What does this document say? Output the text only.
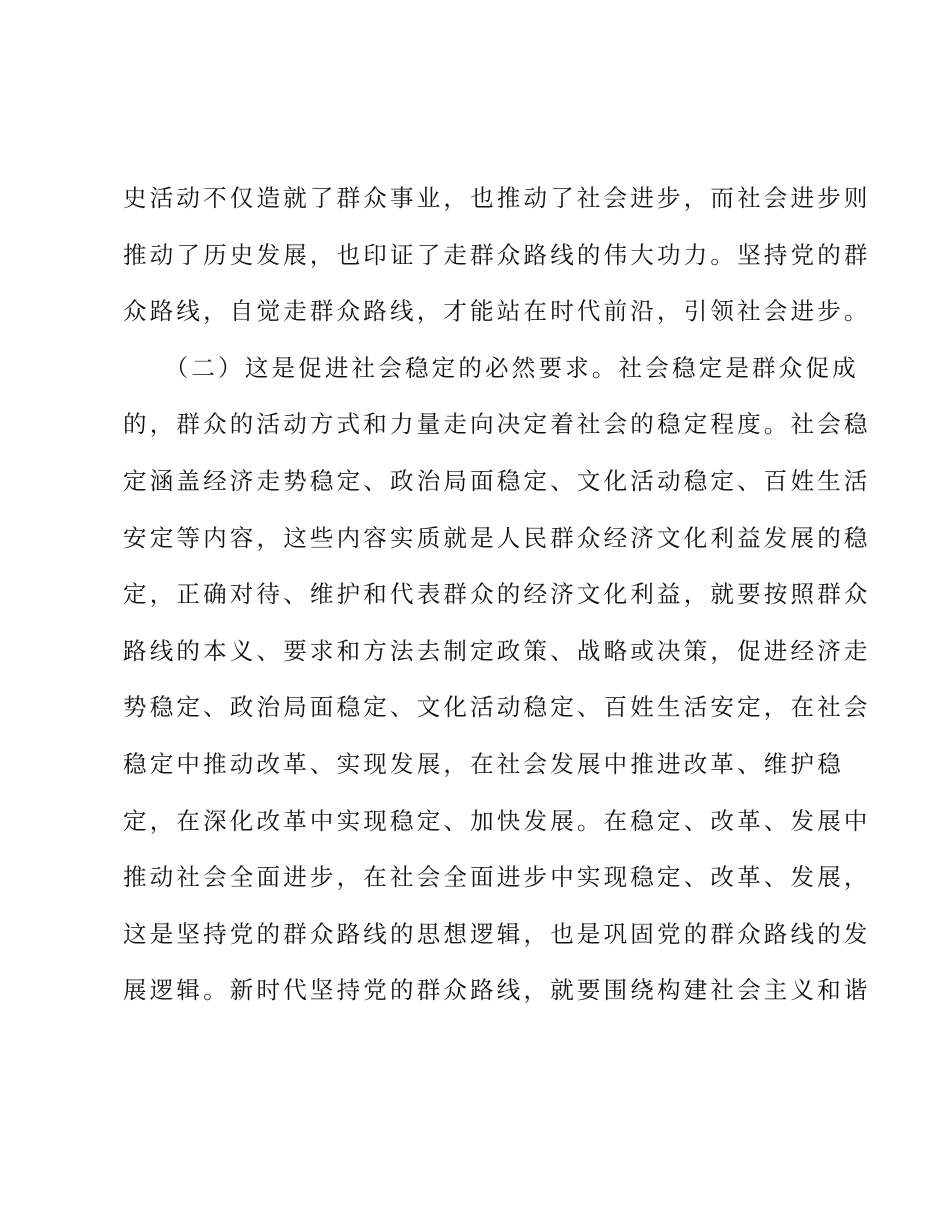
史活动不仅造就了群众事业，也推动了社会进步，而社会进步则
推动了历史发展，也印证了走群众路线的伟大功力。坚持党的群
众路线，自觉走群众路线，才能站在时代前沿，引领社会进步。
　　（二）这是促进社会稳定的必然要求。社会稳定是群众促成
的，群众的活动方式和力量走向决定着社会的稳定程度。社会稳
定涵盖经济走势稳定、政治局面稳定、文化活动稳定、百姓生活
安定等内容，这些内容实质就是人民群众经济文化利益发展的稳
定，正确对待、维护和代表群众的经济文化利益，就要按照群众
路线的本义、要求和方法去制定政策、战略或决策，促进经济走
势稳定、政治局面稳定、文化活动稳定、百姓生活安定，在社会
稳定中推动改革、实现发展，在社会发展中推进改革、维护稳
定，在深化改革中实现稳定、加快发展。在稳定、改革、发展中
推动社会全面进步，在社会全面进步中实现稳定、改革、发展，
这是坚持党的群众路线的思想逻辑，也是巩固党的群众路线的发
展逻辑。新时代坚持党的群众路线，就要围绕构建社会主义和谐
